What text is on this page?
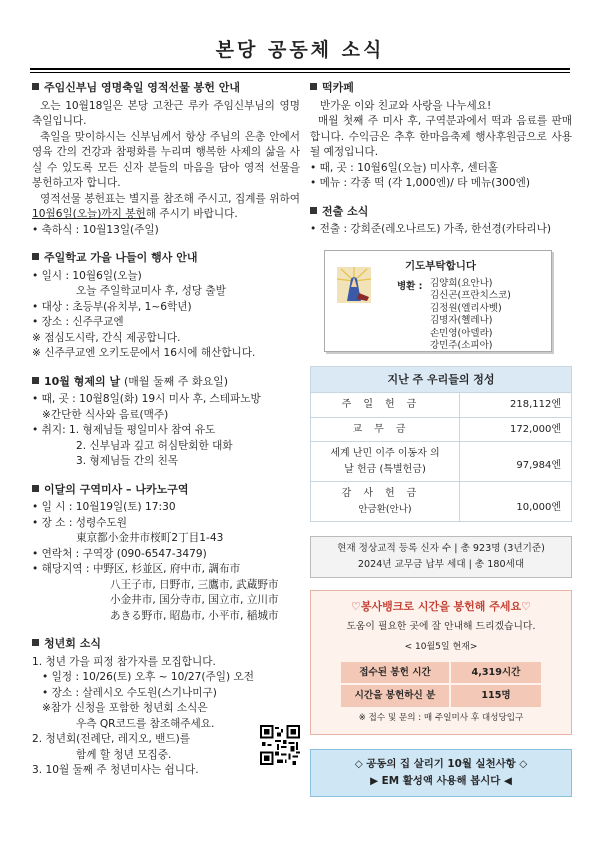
본당 공동체 소식
주임신부님 영명축일 영적선물 봉헌 안내

오는 10월18일은 본당 고찬근 루카 주임신부님의 영명축일입니다.

축일을 맞이하시는 신부님께서 항상 주님의 은총 안에서 영육 간의 건강과 참평화를 누리며 행복한 사제의 삶을 사실 수 있도록 모든 신자 분들의 마음을 담아 영적 선물을 봉헌하고자 합니다.

영적선물 봉헌표는 별지를 참조해 주시고, 집계를 위하여 10월6일(오늘)까지 봉헌해 주시기 바랍니다.

• 축하식 : 10월13일(주일)
주일학교 가을 나들이 행사 안내
• 일시 : 10월6일(오늘)
오늘 주일학교미사 후, 성당 출발
• 대상 : 초등부(유치부, 1~6학년)
• 장소 : 신주쿠교엔
※ 점심도시락, 간식 제공합니다.
※ 신주쿠교엔 오키도문에서 16시에 해산합니다.
10월 형제의 날 (매월 둘째 주 화요일)
• 때, 곳 : 10월8일(화) 19시 미사 후, 스테파노방
※간단한 식사와 음료(맥주)
• 취지: 1. 형제님들 평일미사 참여 유도
2. 신부님과 깊고 허심탄회한 대화
3. 형제님들 간의 친목
이달의 구역미사 – 나카노구역
• 일 시 : 10월19일(토) 17:30
• 장 소 : 성령수도원
東京都小金井市桜町2丁目1-43
• 연락처 : 구역장 (090-6547-3479)
• 해당지역 : 中野区, 杉並区, 府中市, 調布市
八王子市, 日野市, 三鷹市, 武蔵野市
小金井市, 国分寺市, 国立市, 立川市
あきる野市, 昭島市, 小平市, 稲城市
청년회 소식
1. 청년 가을 피정 참가자를 모집합니다.
• 일정 : 10/26(토) 오후 ~ 10/27(주일) 오전
• 장소 : 살레시오 수도원(스기나미구)
※참가 신청을 포함한 청년회 소식은
우측 QR코드를 참조해주세요.
2. 청년회(전례단, 레지오, 밴드)를
함께 할 청년 모집중.
3. 10월 둘째 주 청년미사는 쉽니다.
떡카페
반가운 이와 친교와 사랑을 나누세요!

매월 첫째 주 미사 후, 구역분과에서 떡과 음료를 판매합니다. 수익금은 추후 한마음축제 행사후원금으로 사용될 예정입니다.

• 때, 곳 : 10월6일(오늘) 미사후, 센터홀
• 메뉴 : 각종 떡 (각 1,000엔)/ 타 메뉴(300엔)
전출 소식
• 전출 : 강희준(레오나르도) 가족, 한선경(카타리나)
기도부탁합니다
병환 : 김양희(요안나)
김신곤(프란치스코)
김정원(엘리사벳)
김명자(헬레나)
손민영(아델라)
강민주(소피아)
지난 주 우리들의 정성
주일헌금	218,112엔
교무금	172,000엔
세계 난민 이주 이동자 의 날 헌금 (특별헌금)	97,984엔
감사헌금
안금환(안나)	10,000엔
현재 정상교적 등록 신자 수 | 총 923명 (3년기준)
2024년 교무금 납부 세대 | 총 180세대
♡봉사뱅크로 시간을 봉헌해 주세요♡
도움이 필요한 곳에 잘 안내해 드리겠습니다.
< 10월5일 현재>
접수된 봉헌 시간	4,319시간
시간을 봉헌하신 분	115명
※ 접수 및 문의 : 매 주일미사 후 대성당입구
◇ 공동의 집 살리기 10월 실천사항 ◇
▶ EM 활성액 사용해 봅시다 ◀
